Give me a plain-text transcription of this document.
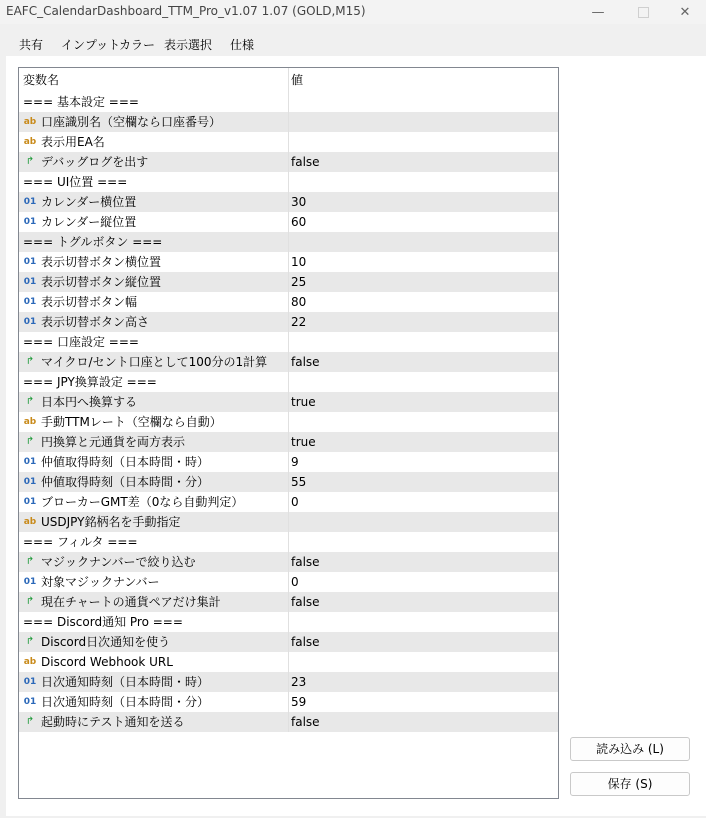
EAFC_CalendarDashboard_TTM_Pro_v1.07 1.07 (GOLD,M15)	—	✕
共有 インプット
カラー 表示選択 仕様
変数名	値
=== 基本設定 ===
ab 口座識別名（空欄なら口座番号）
ab 表示用EA名
↱ デバッグログを出す	false
=== UI位置 ===
01 カレンダー横位置	30
01 カレンダー縦位置	60
=== トグルボタン ===
01 表示切替ボタン横位置	10
01 表示切替ボタン縦位置	25
01 表示切替ボタン幅	80
01 表示切替ボタン高さ	22
=== 口座設定 ===
↱ マイクロ/セント口座として100分の1計算 false
=== JPY換算設定 ===
↱ 日本円へ換算する	true
ab 手動TTMレート（空欄なら自動）
↱ 円換算と元通貨を両方表示	true
01 仲値取得時刻（日本時間・時）	9
01 仲値取得時刻（日本時間・分）	55
01 ブローカーGMT差（0なら自動判定）	0
ab USDJPY銘柄名を手動指定
=== フィルタ ===
↱ マジックナンバーで絞り込む	false
01 対象マジックナンバー	0
↱ 現在チャートの通貨ペアだけ集計	false
=== Discord通知 Pro ===
↱ Discord日次通知を使う	false
ab Discord Webhook URL
01 日次通知時刻（日本時間・時）	23
01 日次通知時刻（日本時間・分）	59
↱ 起動時にテスト通知を送る	false
読み込み (L)
保存 (S)
